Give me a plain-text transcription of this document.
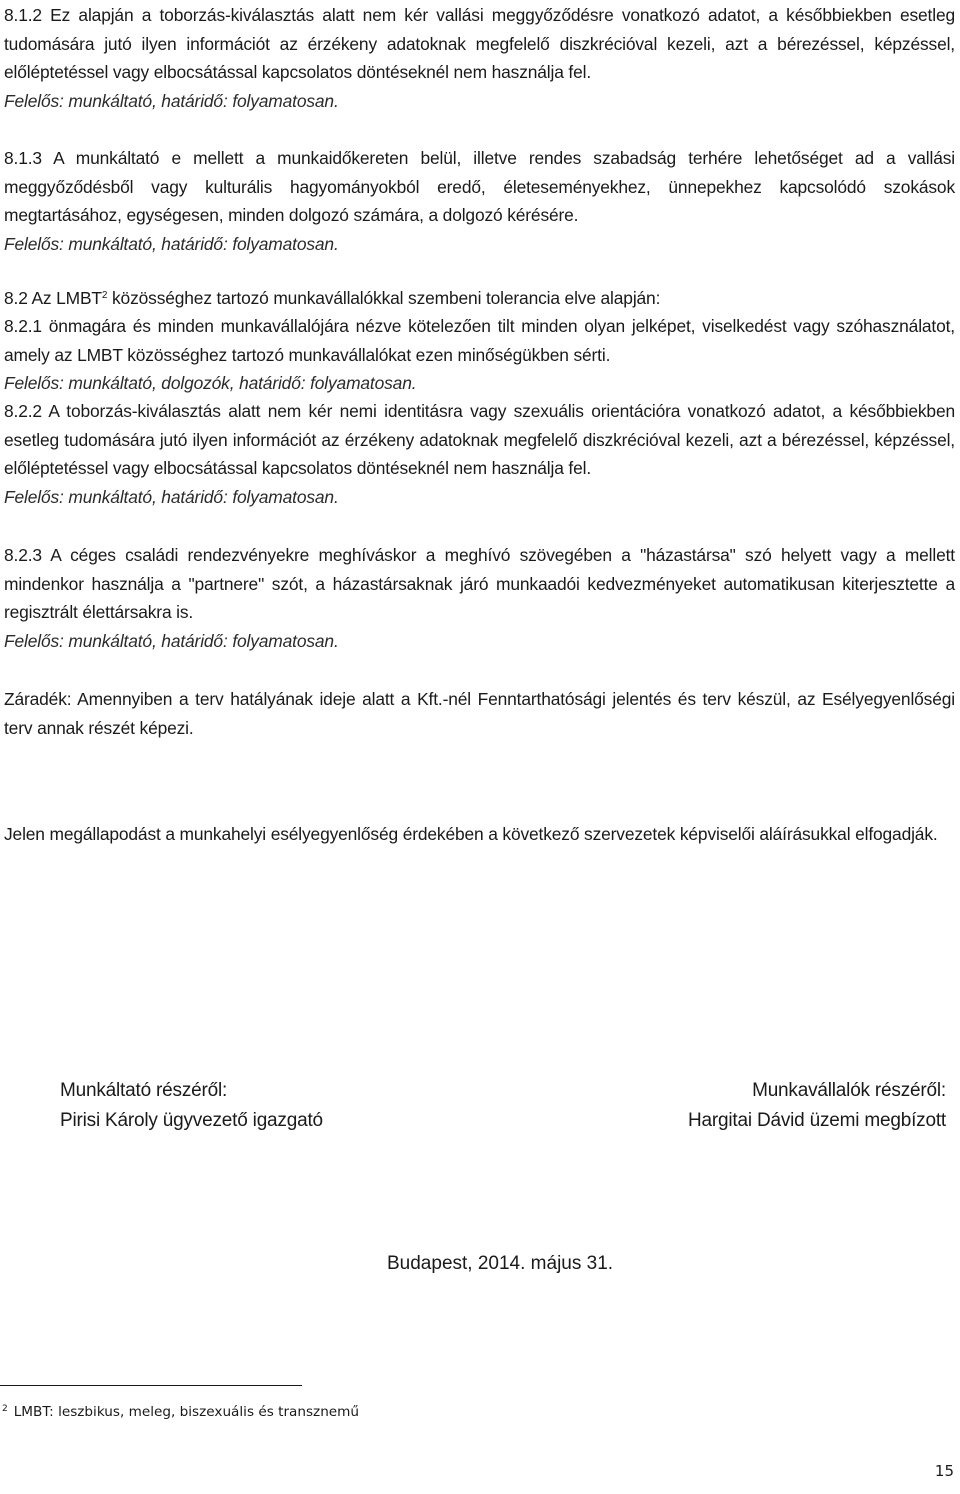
8.1.2 Ez alapján a toborzás-kiválasztás alatt nem kér vallási meggyőződésre vonatkozó adatot, a későbbiekben esetleg tudomására jutó ilyen információt az érzékeny adatoknak megfelelő diszkrécióval kezeli, azt a bérezéssel, képzéssel, előléptetéssel vagy elbocsátással kapcsolatos döntéseknél nem használja fel.
Felelős: munkáltató, határidő: folyamatosan.

8.1.3 A munkáltató e mellett a munkaidőkereten belül, illetve rendes szabadság terhére lehetőséget ad a vallási meggyőződésből vagy kulturális hagyományokból eredő, életeseményekhez, ünnepekhez kapcsolódó szokások megtartásához, egységesen, minden dolgozó számára, a dolgozó kérésére.
Felelős: munkáltató, határidő: folyamatosan.

8.2 Az LMBT$^2$ közösséghez tartozó munkavállalókkal szembeni tolerancia elve alapján:

8.2.1 önmagára és minden munkavállalójára nézve kötelezően tilt minden olyan jelképet, viselkedést vagy szóhasználatot, amely az LMBT közösséghez tartozó munkavállalókat ezen minőségükben sérti.
Felelős: munkáltató, dolgozók, határidő: folyamatosan.

8.2.2 A toborzás-kiválasztás alatt nem kér nemi identitásra vagy szexuális orientációra vonatkozó adatot, a későbbiekben esetleg tudomására jutó ilyen információt az érzékeny adatoknak megfelelő diszkrécióval kezeli, azt a bérezéssel, képzéssel, előléptetéssel vagy elbocsátással kapcsolatos döntéseknél nem használja fel.
Felelős: munkáltató, határidő: folyamatosan.

8.2.3 A céges családi rendezvényekre meghíváskor a meghívó szövegében a "házastársa" szó helyett vagy a mellett mindenkor használja a "partnere" szót, a házastársaknak járó munkaadói kedvezményeket automatikusan kiterjesztette a regisztrált élettársakra is.
Felelős: munkáltató, határidő: folyamatosan.

Záradék: Amennyiben a terv hatályának ideje alatt a Kft.-nél Fenntarthatósági jelentés és terv készül, az Esélyegyenlőségi terv annak részét képezi.

Jelen megállapodást a munkahelyi esélyegyenlőség érdekében a következő szervezetek képviselői aláírásukkal elfogadják.

Munkáltató részéről:
Pirisi Károly ügyvezető igazgató
Munkavállalók részéről:
Hargitai Dávid üzemi megbízott
Budapest, 2014. május 31.
$^2$ LMBT: leszbikus, meleg, biszexuális és transznemű
15
